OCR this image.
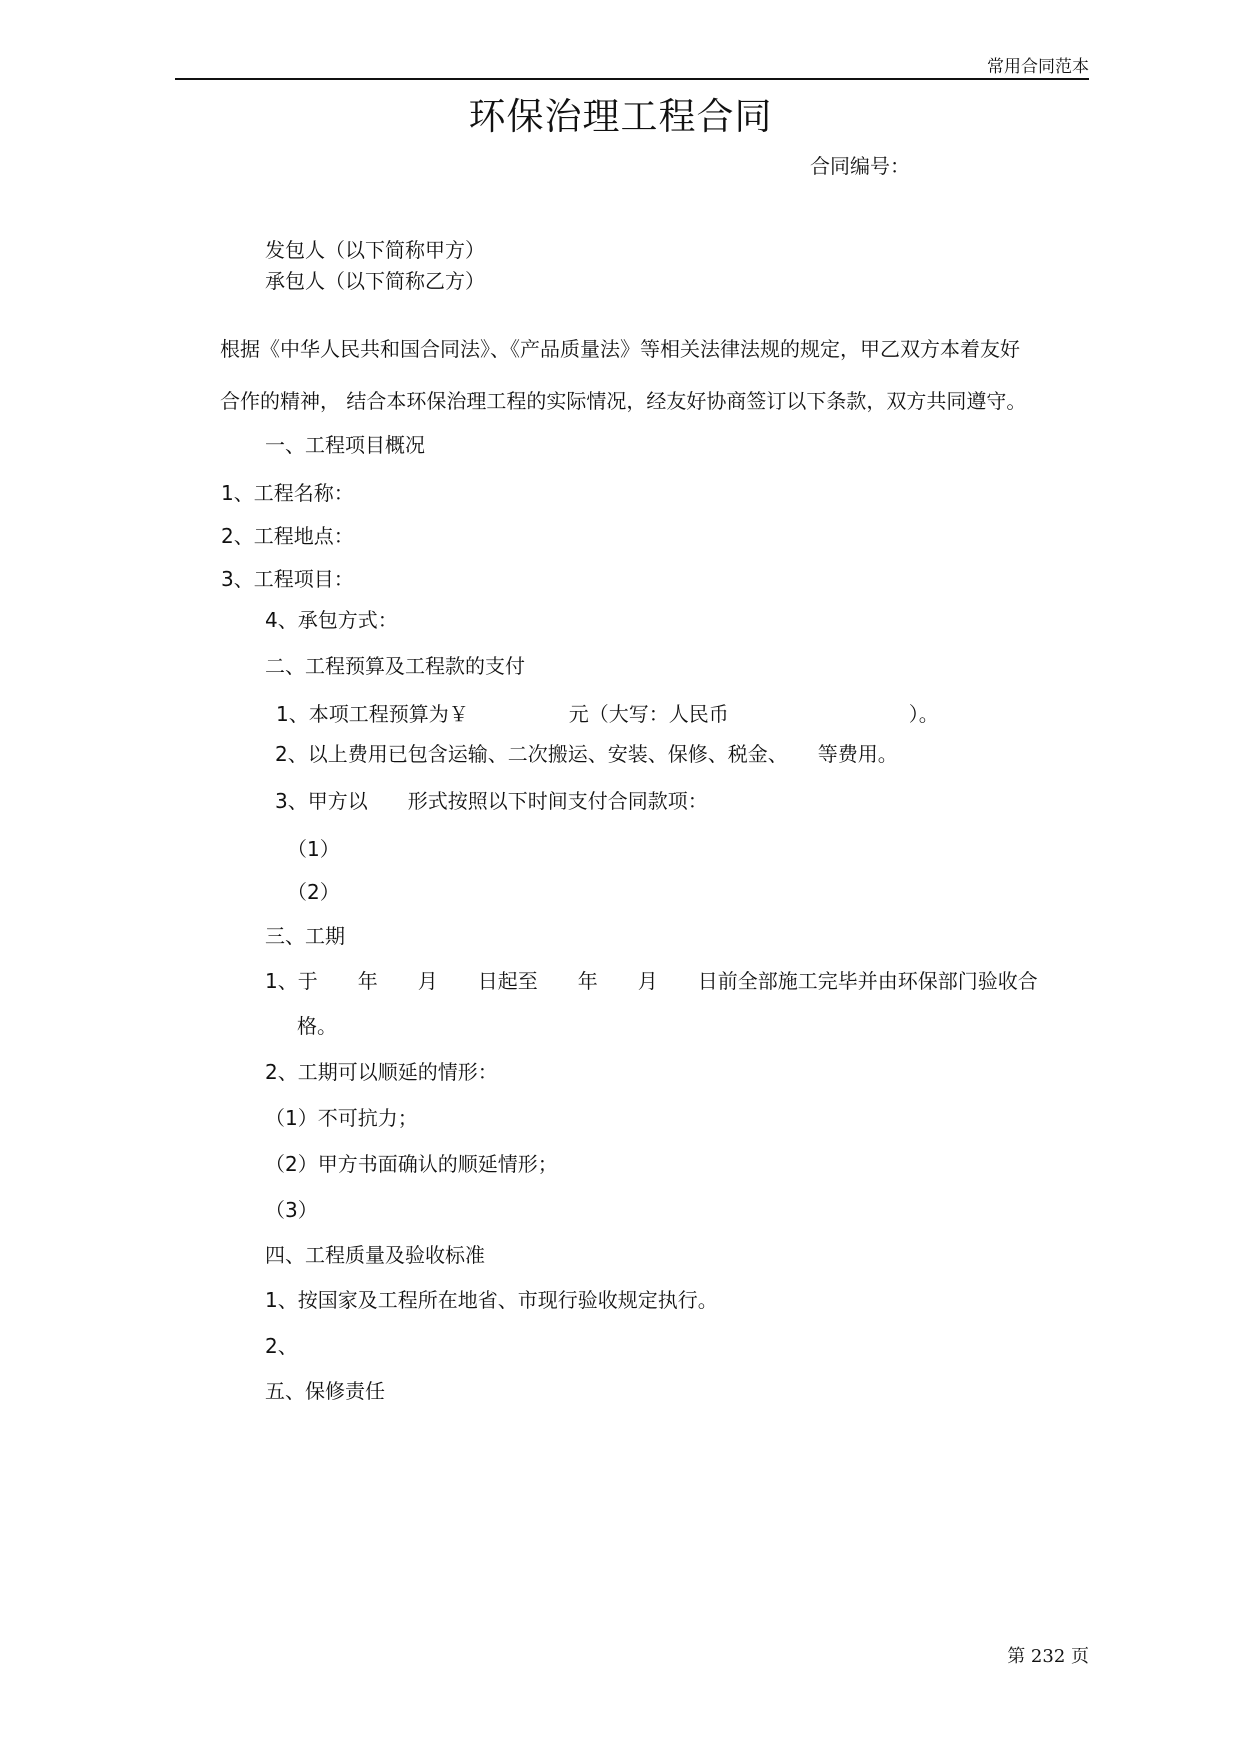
常用合同范本
环保治理工程合同
合同编号：
发包人（以下简称甲方）
承包人（以下简称乙方）
根据《中华人民共和国合同法》、《产品质量法》等相关法律法规的规定，甲乙双方本着友好
合作的精神， 结合本环保治理工程的实际情况，经友好协商签订以下条款，双方共同遵守。
一、工程项目概况
1、工程名称：
2、工程地点：
3、工程项目：
4、承包方式：
二、工程预算及工程款的支付
1、本项工程预算为￥　　　　　元（大写：人民币　　　　　　　　　）。
2、以上费用已包含运输、二次搬运、安装、保修、税金、　　等费用。
3、甲方以　　形式按照以下时间支付合同款项：
（1）
（2）
三、工期
1、于　　年　　月　　日起至　　年　　月　　日前全部施工完毕并由环保部门验收合
格。
2、工期可以顺延的情形：
（1）不可抗力；
（2）甲方书面确认的顺延情形；
（3）
四、工程质量及验收标准
1、按国家及工程所在地省、市现行验收规定执行。
2、
五、保修责任
第 232 页
